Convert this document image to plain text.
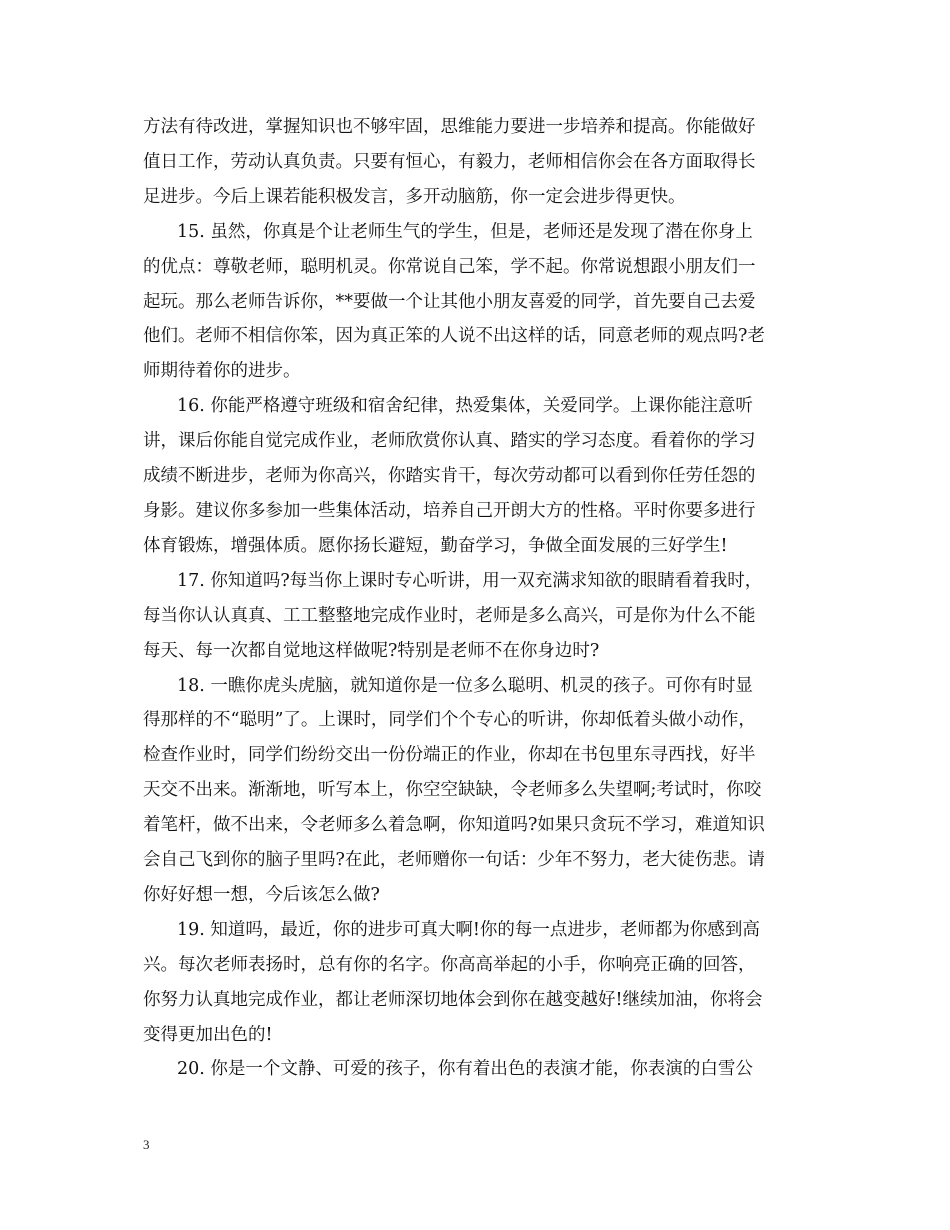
方法有待改进，掌握知识也不够牢固，思维能力要进一步培养和提高。你能做好
值日工作，劳动认真负责。只要有恒心，有毅力，老师相信你会在各方面取得长
足进步。今后上课若能积极发言，多开动脑筋，你一定会进步得更快。

15. 虽然，你真是个让老师生气的学生，但是，老师还是发现了潜在你身上
的优点：尊敬老师，聪明机灵。你常说自己笨，学不起。你常说想跟小朋友们一
起玩。那么老师告诉你，**要做一个让其他小朋友喜爱的同学，首先要自己去爱
他们。老师不相信你笨，因为真正笨的人说不出这样的话，同意老师的观点吗?老
师期待着你的进步。

16. 你能严格遵守班级和宿舍纪律，热爱集体，关爱同学。上课你能注意听
讲，课后你能自觉完成作业，老师欣赏你认真、踏实的学习态度。看着你的学习
成绩不断进步，老师为你高兴，你踏实肯干，每次劳动都可以看到你任劳任怨的
身影。建议你多参加一些集体活动，培养自己开朗大方的性格。平时你要多进行
体育锻炼，增强体质。愿你扬长避短，勤奋学习，争做全面发展的三好学生!

17. 你知道吗?每当你上课时专心听讲，用一双充满求知欲的眼睛看着我时，
每当你认认真真、工工整整地完成作业时，老师是多么高兴，可是你为什么不能
每天、每一次都自觉地这样做呢?特别是老师不在你身边时?

18. 一瞧你虎头虎脑，就知道你是一位多么聪明、机灵的孩子。可你有时显
得那样的不“聪明”了。上课时，同学们个个专心的听讲，你却低着头做小动作，
检查作业时，同学们纷纷交出一份份端正的作业，你却在书包里东寻西找，好半
天交不出来。渐渐地，听写本上，你空空缺缺，令老师多么失望啊;考试时，你咬
着笔杆，做不出来，令老师多么着急啊，你知道吗?如果只贪玩不学习，难道知识
会自己飞到你的脑子里吗?在此，老师赠你一句话：少年不努力，老大徒伤悲。请
你好好想一想，今后该怎么做?

19. 知道吗，最近，你的进步可真大啊!你的每一点进步，老师都为你感到高
兴。每次老师表扬时，总有你的名字。你高高举起的小手，你响亮正确的回答，
你努力认真地完成作业，都让老师深切地体会到你在越变越好!继续加油，你将会
变得更加出色的!

20. 你是一个文静、可爱的孩子，你有着出色的表演才能，你表演的白雪公

3
